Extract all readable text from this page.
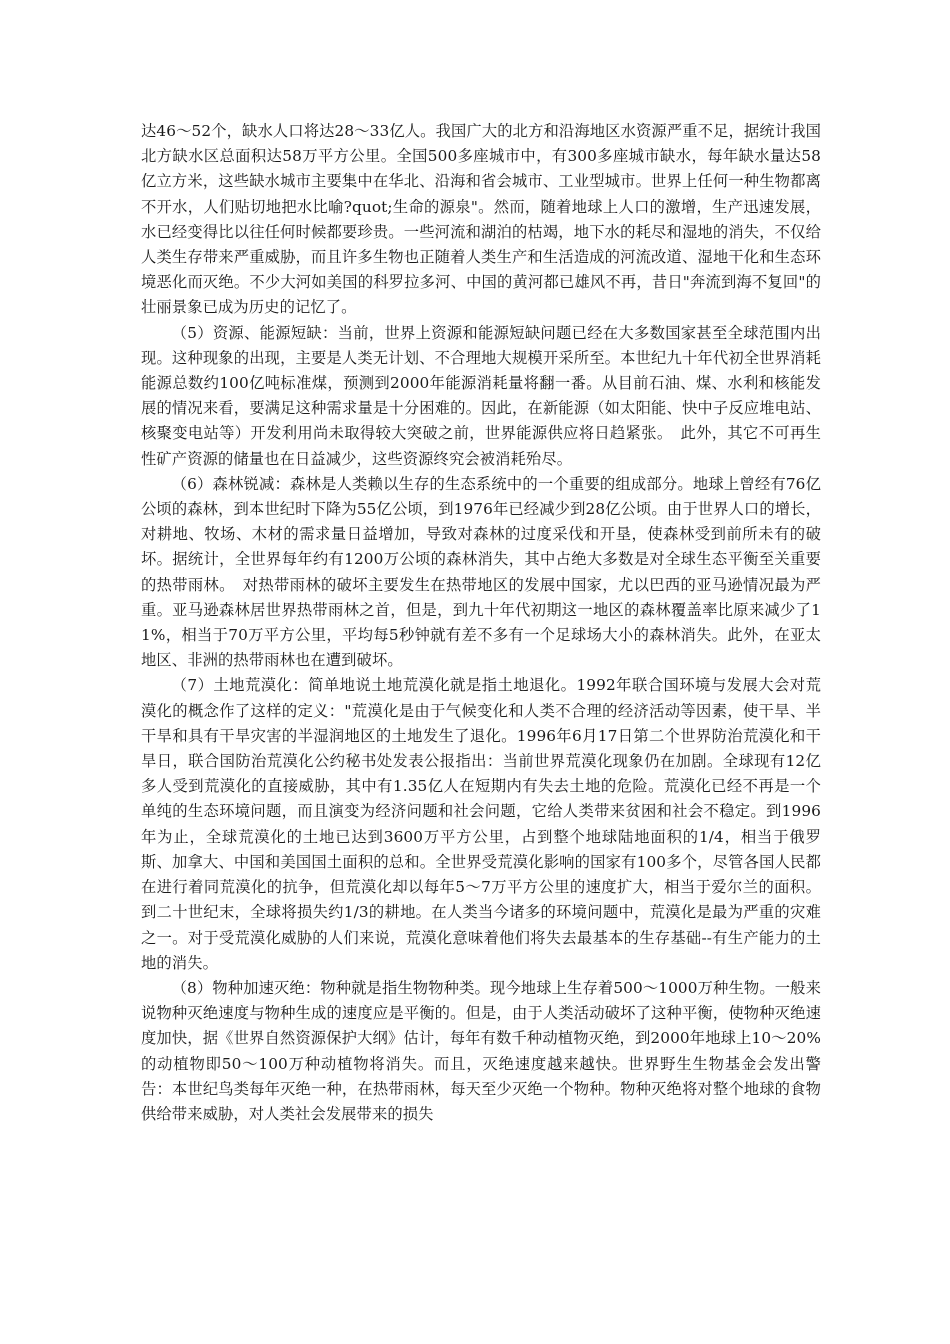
达46～52个，缺水人口将达28～33亿人。我国广大的北方和沿海地区水资源严重不足，据统计我国北方缺水区总面积达58万平方公里。全国500多座城市中，有300多座城市缺水，每年缺水量达58亿立方米，这些缺水城市主要集中在华北、沿海和省会城市、工业型城市。世界上任何一种生物都离不开水，人们贴切地把水比喻?quot;生命的源泉"。然而，随着地球上人口的激增，生产迅速发展，水已经变得比以往任何时候都要珍贵。一些河流和湖泊的枯竭，地下水的耗尽和湿地的消失，不仅给人类生存带来严重威胁，而且许多生物也正随着人类生产和生活造成的河流改道、湿地干化和生态环境恶化而灭绝。不少大河如美国的科罗拉多河、中国的黄河都已雄风不再，昔日"奔流到海不复回"的壮丽景象已成为历史的记忆了。

（5）资源、能源短缺：当前，世界上资源和能源短缺问题已经在大多数国家甚至全球范围内出现。这种现象的出现，主要是人类无计划、不合理地大规模开采所至。本世纪九十年代初全世界消耗能源总数约100亿吨标准煤，预测到2000年能源消耗量将翻一番。从目前石油、煤、水利和核能发展的情况来看，要满足这种需求量是十分困难的。因此，在新能源（如太阳能、快中子反应堆电站、核聚变电站等）开发利用尚未取得较大突破之前，世界能源供应将日趋紧张。　此外，其它不可再生性矿产资源的储量也在日益减少，这些资源终究会被消耗殆尽。

（6）森林锐减：森林是人类赖以生存的生态系统中的一个重要的组成部分。地球上曾经有76亿公顷的森林，到本世纪时下降为55亿公顷，到1976年已经减少到28亿公顷。由于世界人口的增长，对耕地、牧场、木材的需求量日益增加，导致对森林的过度采伐和开垦，使森林受到前所未有的破坏。据统计，全世界每年约有1200万公顷的森林消失，其中占绝大多数是对全球生态平衡至关重要的热带雨林。　对热带雨林的破坏主要发生在热带地区的发展中国家，尤以巴西的亚马逊情况最为严重。亚马逊森林居世界热带雨林之首，但是，到九十年代初期这一地区的森林覆盖率比原来减少了11%，相当于70万平方公里，平均每5秒钟就有差不多有一个足球场大小的森林消失。此外，在亚太地区、非洲的热带雨林也在遭到破坏。

（7）土地荒漠化：简单地说土地荒漠化就是指土地退化。1992年联合国环境与发展大会对荒漠化的概念作了这样的定义："荒漠化是由于气候变化和人类不合理的经济活动等因素，使干旱、半干旱和具有干旱灾害的半湿润地区的土地发生了退化。1996年6月17日第二个世界防治荒漠化和干旱日，联合国防治荒漠化公约秘书处发表公报指出：当前世界荒漠化现象仍在加剧。全球现有12亿多人受到荒漠化的直接威胁，其中有1.35亿人在短期内有失去土地的危险。荒漠化已经不再是一个单纯的生态环境问题，而且演变为经济问题和社会问题，它给人类带来贫困和社会不稳定。到1996年为止，全球荒漠化的土地已达到3600万平方公里，占到整个地球陆地面积的1/4，相当于俄罗斯、加拿大、中国和美国国土面积的总和。全世界受荒漠化影响的国家有100多个，尽管各国人民都在进行着同荒漠化的抗争，但荒漠化却以每年5～7万平方公里的速度扩大，相当于爱尔兰的面积。到二十世纪末，全球将损失约1/3的耕地。在人类当今诸多的环境问题中，荒漠化是最为严重的灾难之一。对于受荒漠化威胁的人们来说，荒漠化意味着他们将失去最基本的生存基础--有生产能力的土地的消失。

（8）物种加速灭绝：物种就是指生物物种类。现今地球上生存着500～1000万种生物。一般来说物种灭绝速度与物种生成的速度应是平衡的。但是，由于人类活动破坏了这种平衡，使物种灭绝速度加快，据《世界自然资源保护大纲》估计，每年有数千种动植物灭绝，到2000年地球上10～20%的动植物即50～100万种动植物将消失。而且，灭绝速度越来越快。世界野生生物基金会发出警告：本世纪鸟类每年灭绝一种，在热带雨林，每天至少灭绝一个物种。物种灭绝将对整个地球的食物供给带来威胁，对人类社会发展带来的损失
